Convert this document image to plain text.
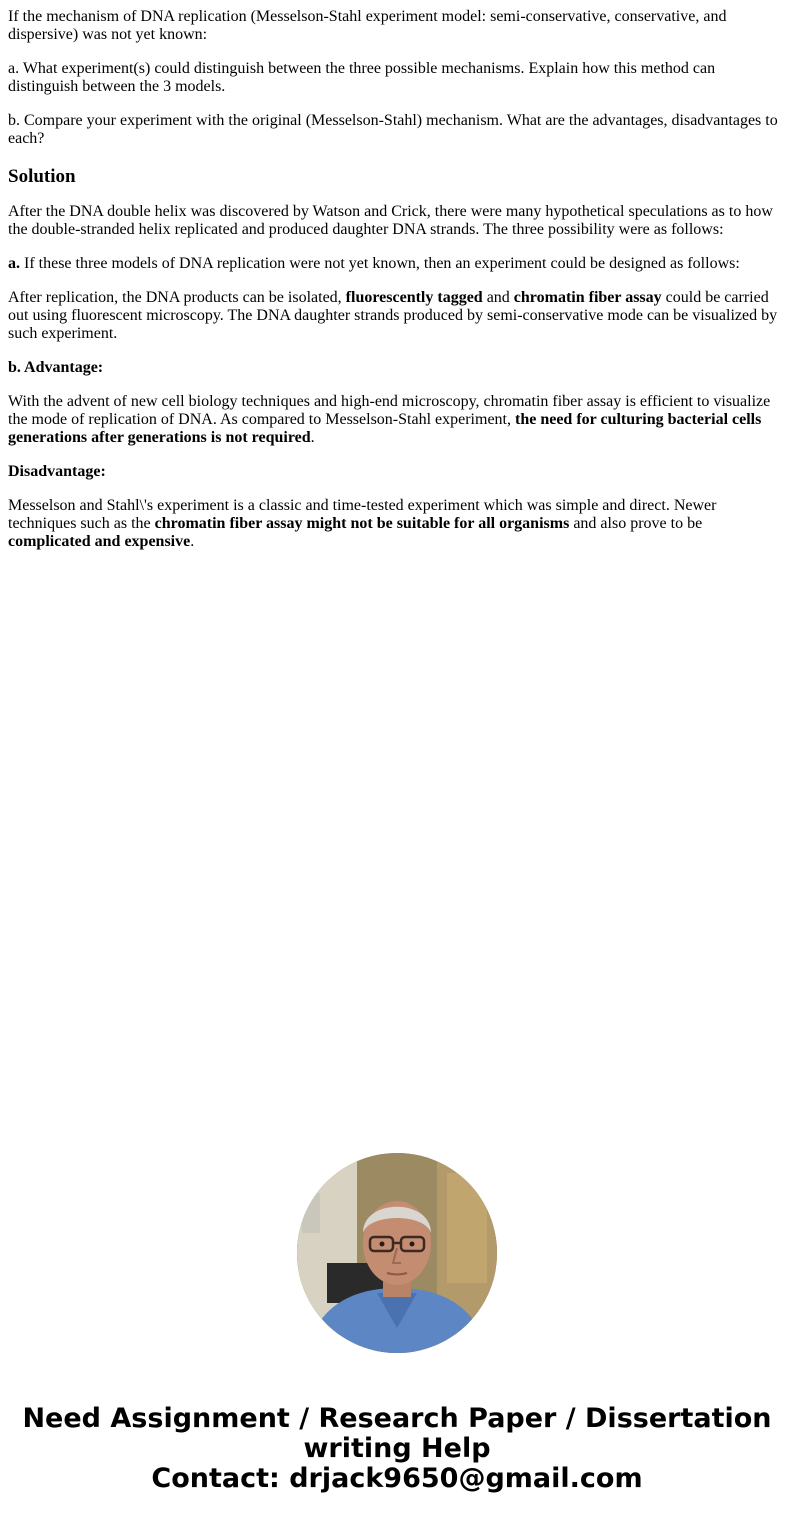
If the mechanism of DNA replication (Messelson-Stahl experiment model: semi-conservative, conservative, and dispersive) was not yet known:

a. What experiment(s) could distinguish between the three possible mechanisms. Explain how this method can distinguish between the 3 models.

b. Compare your experiment with the original (Messelson-Stahl) mechanism. What are the advantages, disadvantages to each?

Solution

After the DNA double helix was discovered by Watson and Crick, there were many hypothetical speculations as to how the double-stranded helix replicated and produced daughter DNA strands. The three possibility were as follows:

a. If these three models of DNA replication were not yet known, then an experiment could be designed as follows:

After replication, the DNA products can be isolated, fluorescently tagged and chromatin fiber assay could be carried out using fluorescent microscopy. The DNA daughter strands produced by semi-conservative mode can be visualized by such experiment.

b. Advantage:

With the advent of new cell biology techniques and high-end microscopy, chromatin fiber assay is efficient to visualize the mode of replication of DNA. As compared to Messelson-Stahl experiment, the need for culturing bacterial cells generations after generations is not required.

Disadvantage:

Messelson and Stahl\'s experiment is a classic and time-tested experiment which was simple and direct. Newer techniques such as the chromatin fiber assay might not be suitable for all organisms and also prove to be complicated and expensive.

Need Assignment / Research Paper / Dissertation
writing Help
Contact: drjack9650@gmail.com
